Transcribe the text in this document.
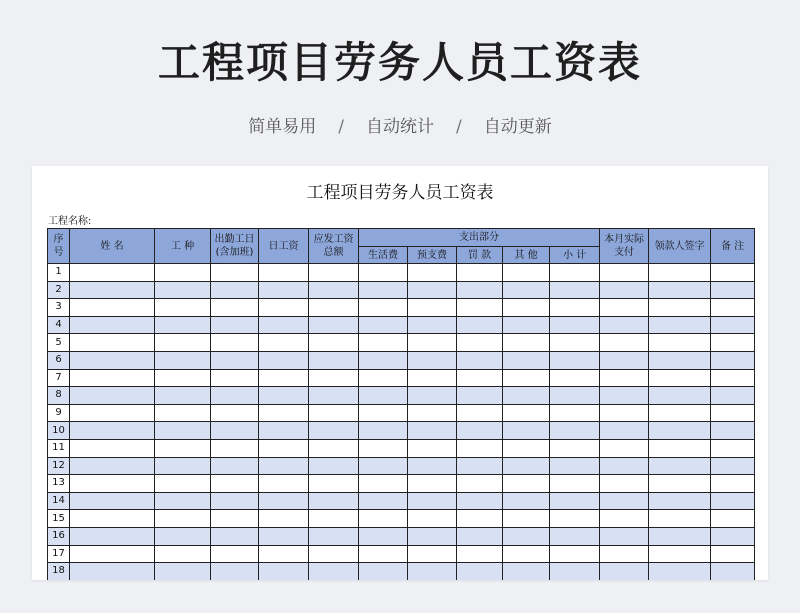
工程项目劳务人员工资表
简单易用 / 自动统计 / 自动更新
工程项目劳务人员工资表
工程名称:
序号	姓 名	工 种	出勤工日(含加班)	日工资	应发工资总额	支出部分					本月实际支付	领款人签字	备 注
						生活费	预支费	罚 款	其 他	小 计			
1													
2													
3													
4													
5													
6													
7													
8													
9													
10													
11													
12													
13													
14													
15													
16													
17													
18													
